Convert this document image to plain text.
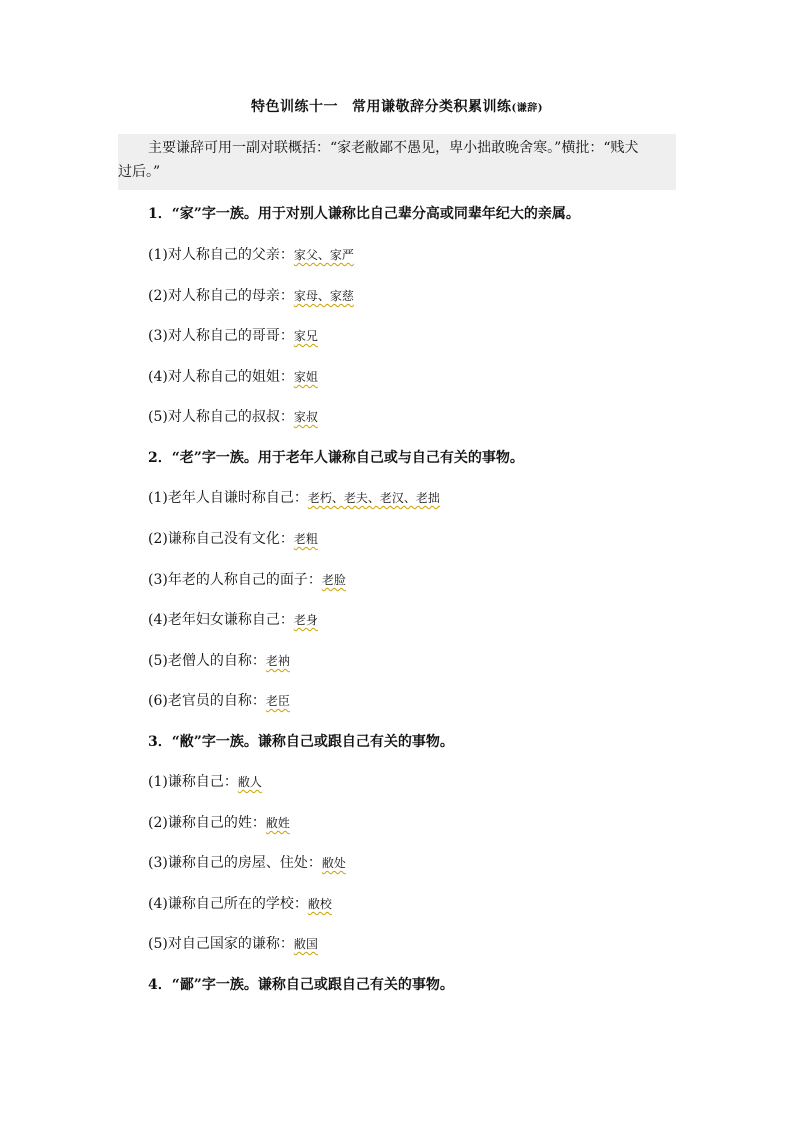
特色训练十一 常用谦敬辞分类积累训练(谦辞)
主要谦辞可用一副对联概括：“家老敝鄙不愚见，卑小拙敢晚舍寒。”横批：“贱犬
过后。”
1．“家”字一族。用于对别人谦称比自己辈分高或同辈年纪大的亲属。
(1)对人称自己的父亲：家父、家严
(2)对人称自己的母亲：家母、家慈
(3)对人称自己的哥哥：家兄
(4)对人称自己的姐姐：家姐
(5)对人称自己的叔叔：家叔
2．“老”字一族。用于老年人谦称自己或与自己有关的事物。
(1)老年人自谦时称自己：老朽、老夫、老汉、老拙
(2)谦称自己没有文化：老粗
(3)年老的人称自己的面子：老脸
(4)老年妇女谦称自己：老身
(5)老僧人的自称：老衲
(6)老官员的自称：老臣
3．“敝”字一族。谦称自己或跟自己有关的事物。
(1)谦称自己：敝人
(2)谦称自己的姓：敝姓
(3)谦称自己的房屋、住处：敝处
(4)谦称自己所在的学校：敝校
(5)对自己国家的谦称：敝国
4．“鄙”字一族。谦称自己或跟自己有关的事物。
